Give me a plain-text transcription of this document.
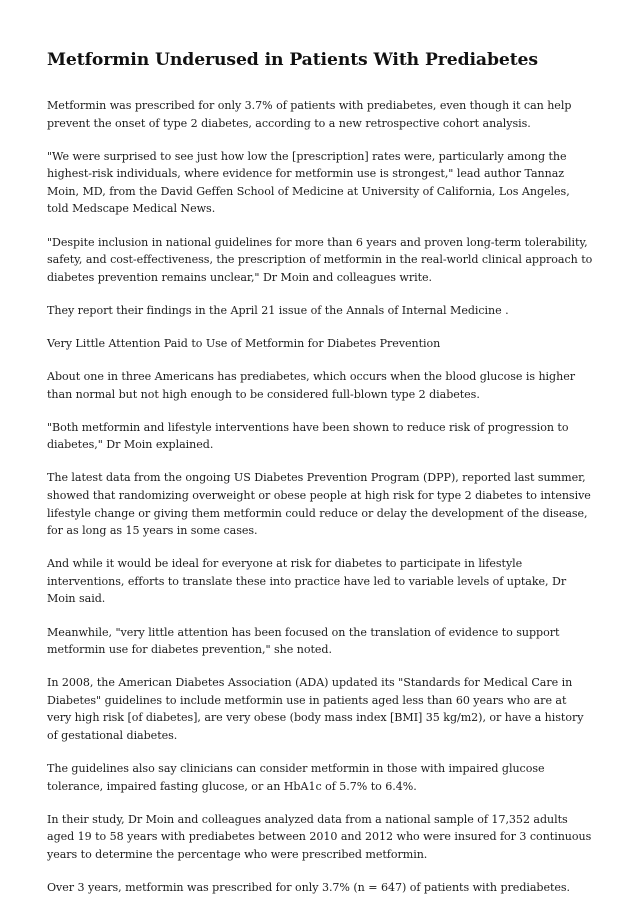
Metformin Underused in Patients With Prediabetes

Metformin was prescribed for only 3.7% of patients with prediabetes, even though it can help prevent the onset of type 2 diabetes, according to a new retrospective cohort analysis.

"We were surprised to see just how low the [prescription] rates were, particularly among the highest-risk individuals, where evidence for metformin use is strongest," lead author Tannaz Moin, MD, from the David Geffen School of Medicine at University of California, Los Angeles, told Medscape Medical News.

"Despite inclusion in national guidelines for more than 6 years and proven long-term tolerability, safety, and cost-effectiveness, the prescription of metformin in the real-world clinical approach to diabetes prevention remains unclear," Dr Moin and colleagues write.

They report their findings in the April 21 issue of the Annals of Internal Medicine .

Very Little Attention Paid to Use of Metformin for Diabetes Prevention

About one in three Americans has prediabetes, which occurs when the blood glucose is higher than normal but not high enough to be considered full-blown type 2 diabetes.

"Both metformin and lifestyle interventions have been shown to reduce risk of progression to diabetes," Dr Moin explained.

The latest data from the ongoing US Diabetes Prevention Program (DPP), reported last summer, showed that randomizing overweight or obese people at high risk for type 2 diabetes to intensive lifestyle change or giving them metformin could reduce or delay the development of the disease, for as long as 15 years in some cases.

And while it would be ideal for everyone at risk for diabetes to participate in lifestyle interventions, efforts to translate these into practice have led to variable levels of uptake, Dr Moin said.

Meanwhile, "very little attention has been focused on the translation of evidence to support metformin use for diabetes prevention," she noted.

In 2008, the American Diabetes Association (ADA) updated its "Standards for Medical Care in Diabetes" guidelines to include metformin use in patients aged less than 60 years who are at very high risk [of diabetes], are very obese (body mass index [BMI] 35 kg/m2), or have a history of gestational diabetes.

The guidelines also say clinicians can consider metformin in those with impaired glucose tolerance, impaired fasting glucose, or an HbA1c of 5.7% to 6.4%.

In their study, Dr Moin and colleagues analyzed data from a national sample of 17,352 adults aged 19 to 58 years with prediabetes between 2010 and 2012 who were insured for 3 continuous years to determine the percentage who were prescribed metformin.

Over 3 years, metformin was prescribed for only 3.7% (n = 647) of patients with prediabetes.
